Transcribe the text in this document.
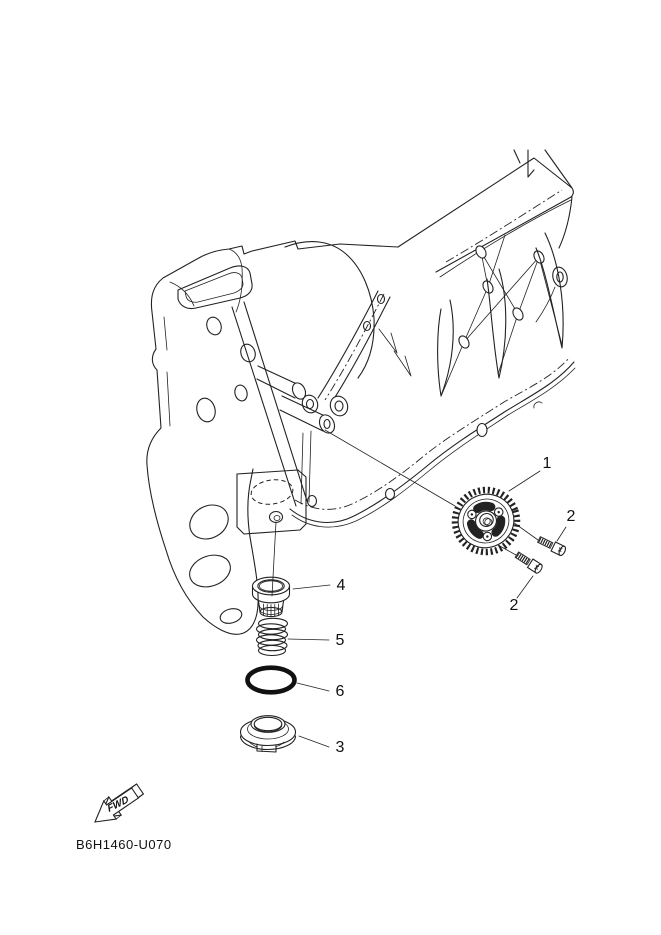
1
2
2
4
5
6
3
FWD
B6H1460-U070
